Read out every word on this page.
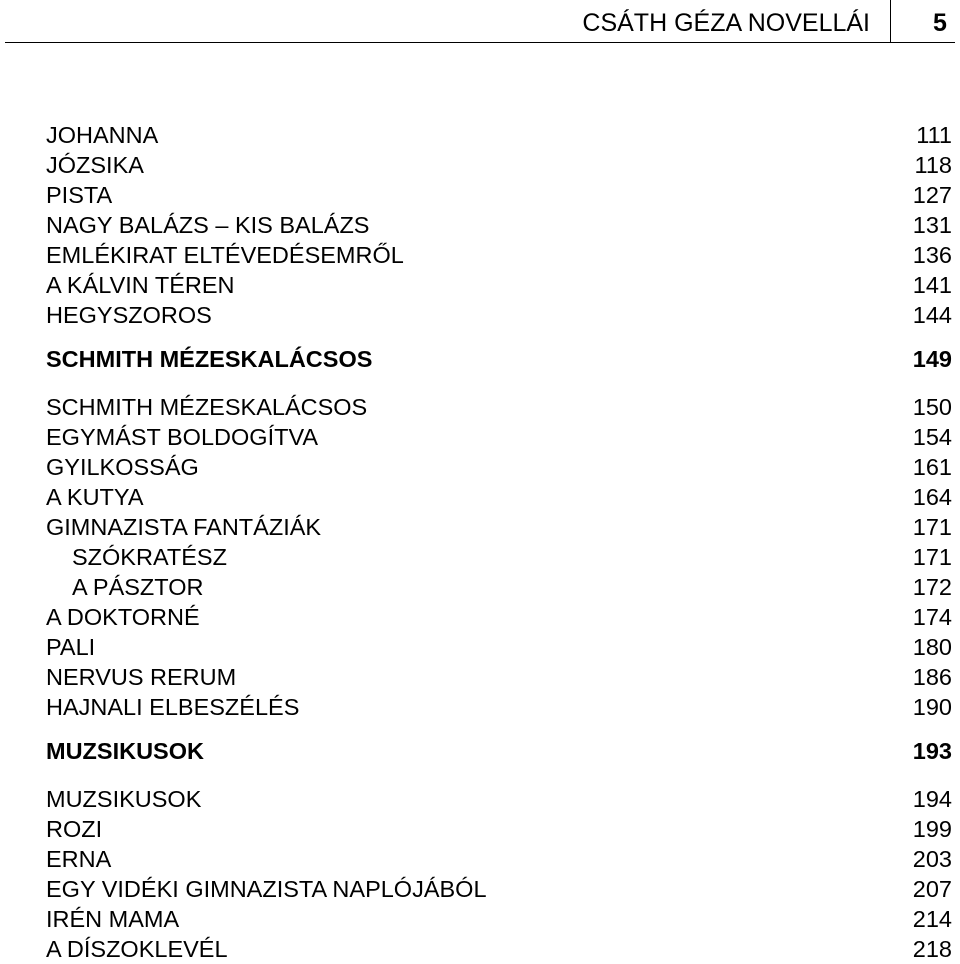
CSÁTH GÉZA NOVELLÁI	5
JOHANNA	111
JÓZSIKA	118
PISTA	127
NAGY BALÁZS – KIS BALÁZS	131
EMLÉKIRAT ELTÉVEDÉSEMRŐL	136
A KÁLVIN TÉREN	141
HEGYSZOROS	144
SCHMITH MÉZESKALÁCSOS	149
SCHMITH MÉZESKALÁCSOS	150
EGYMÁST BOLDOGÍTVA	154
GYILKOSSÁG	161
A KUTYA	164
GIMNAZISTA FANTÁZIÁK	171
SZÓKRATÉSZ	171
A PÁSZTOR	172
A DOKTORNÉ	174
PALI	180
NERVUS RERUM	186
HAJNALI ELBESZÉLÉS	190
MUZSIKUSOK	193
MUZSIKUSOK	194
ROZI	199
ERNA	203
EGY VIDÉKI GIMNAZISTA NAPLÓJÁBÓL	207
IRÉN MAMA	214
A DÍSZOKLEVÉL	218
